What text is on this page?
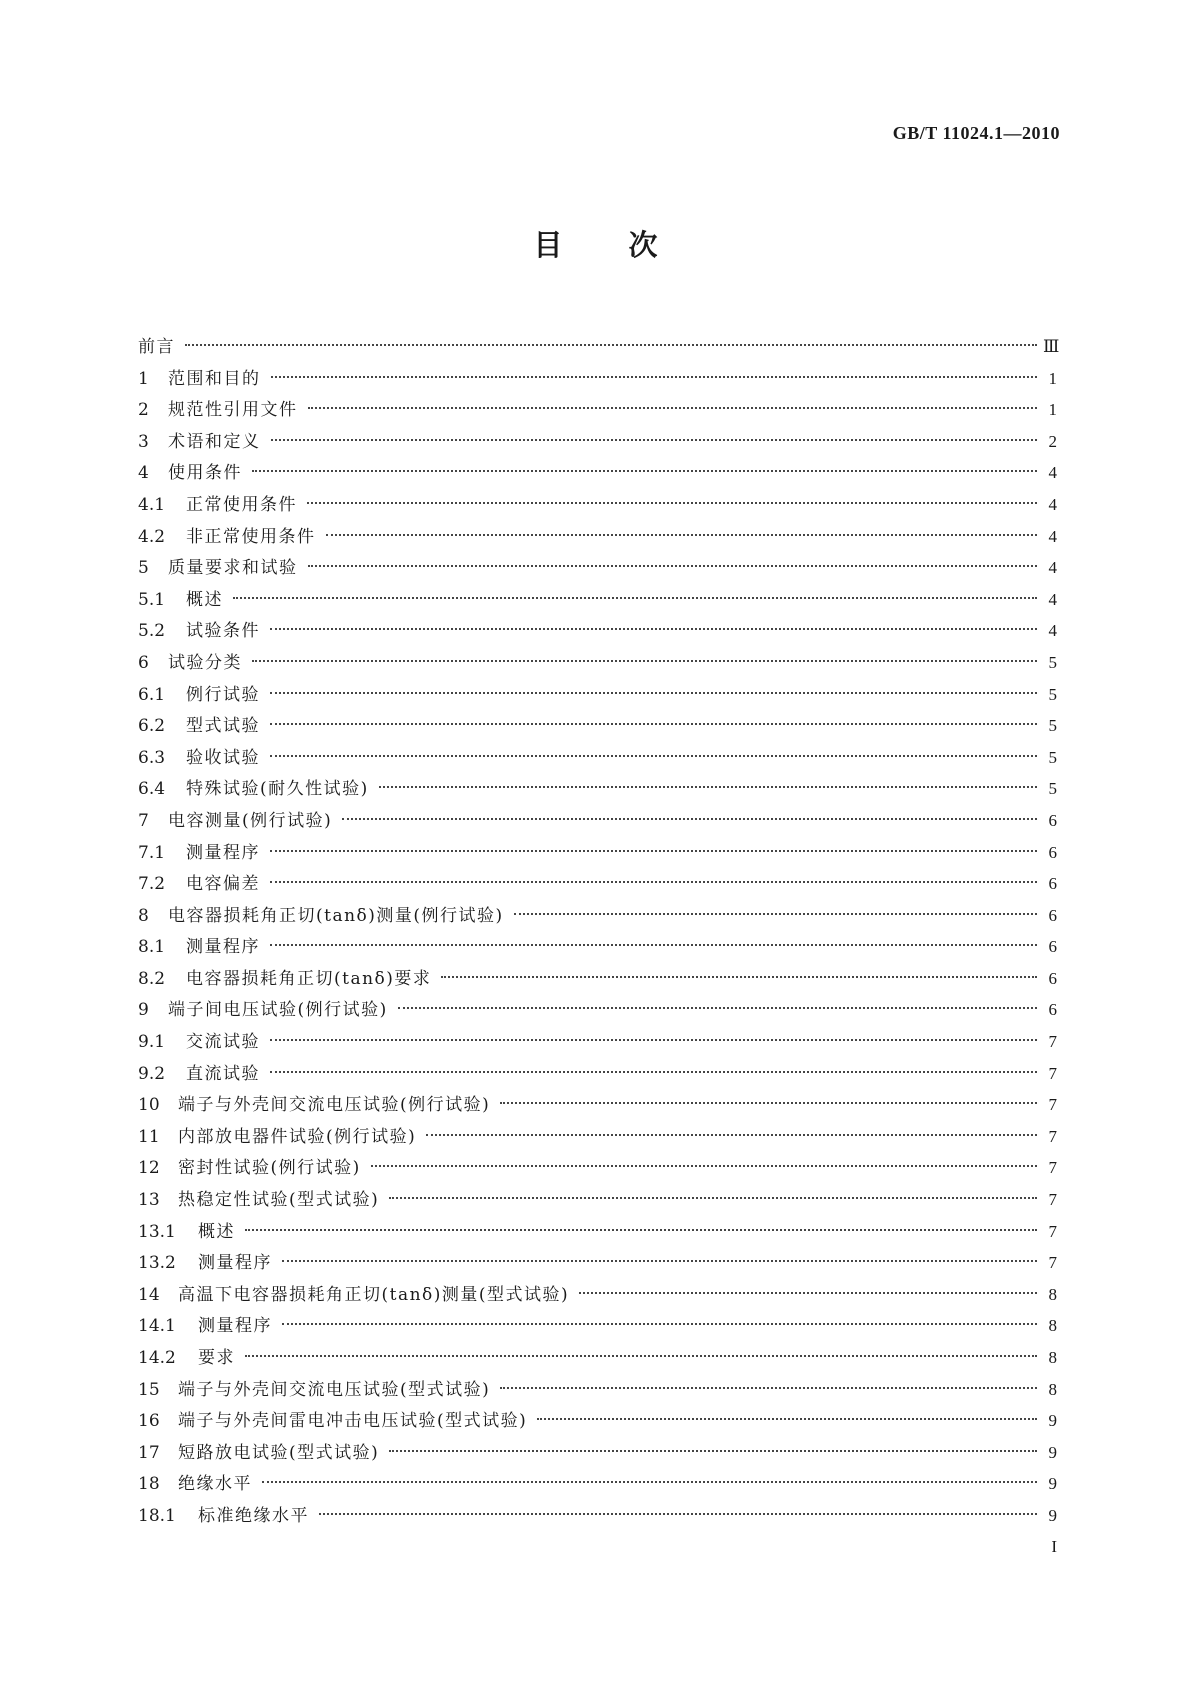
GB/T 11024.1—2010
目 次
前言	Ⅲ
1	范围和目的	1
2	规范性引用文件	1
3	术语和定义	2
4	使用条件	4
4.1	正常使用条件	4
4.2	非正常使用条件	4
5	质量要求和试验	4
5.1	概述	4
5.2	试验条件	4
6	试验分类	5
6.1	例行试验	5
6.2	型式试验	5
6.3	验收试验	5
6.4	特殊试验(耐久性试验)	5
7	电容测量(例行试验)	6
7.1	测量程序	6
7.2	电容偏差	6
8	电容器损耗角正切(tanδ)测量(例行试验)	6
8.1	测量程序	6
8.2	电容器损耗角正切(tanδ)要求	6
9	端子间电压试验(例行试验)	6
9.1	交流试验	7
9.2	直流试验	7
10	端子与外壳间交流电压试验(例行试验)	7
11	内部放电器件试验(例行试验)	7
12	密封性试验(例行试验)	7
13	热稳定性试验(型式试验)	7
13.1	概述	7
13.2	测量程序	7
14	高温下电容器损耗角正切(tanδ)测量(型式试验)	8
14.1	测量程序	8
14.2	要求	8
15	端子与外壳间交流电压试验(型式试验)	8
16	端子与外壳间雷电冲击电压试验(型式试验)	9
17	短路放电试验(型式试验)	9
18	绝缘水平	9
18.1	标准绝缘水平	9
I
